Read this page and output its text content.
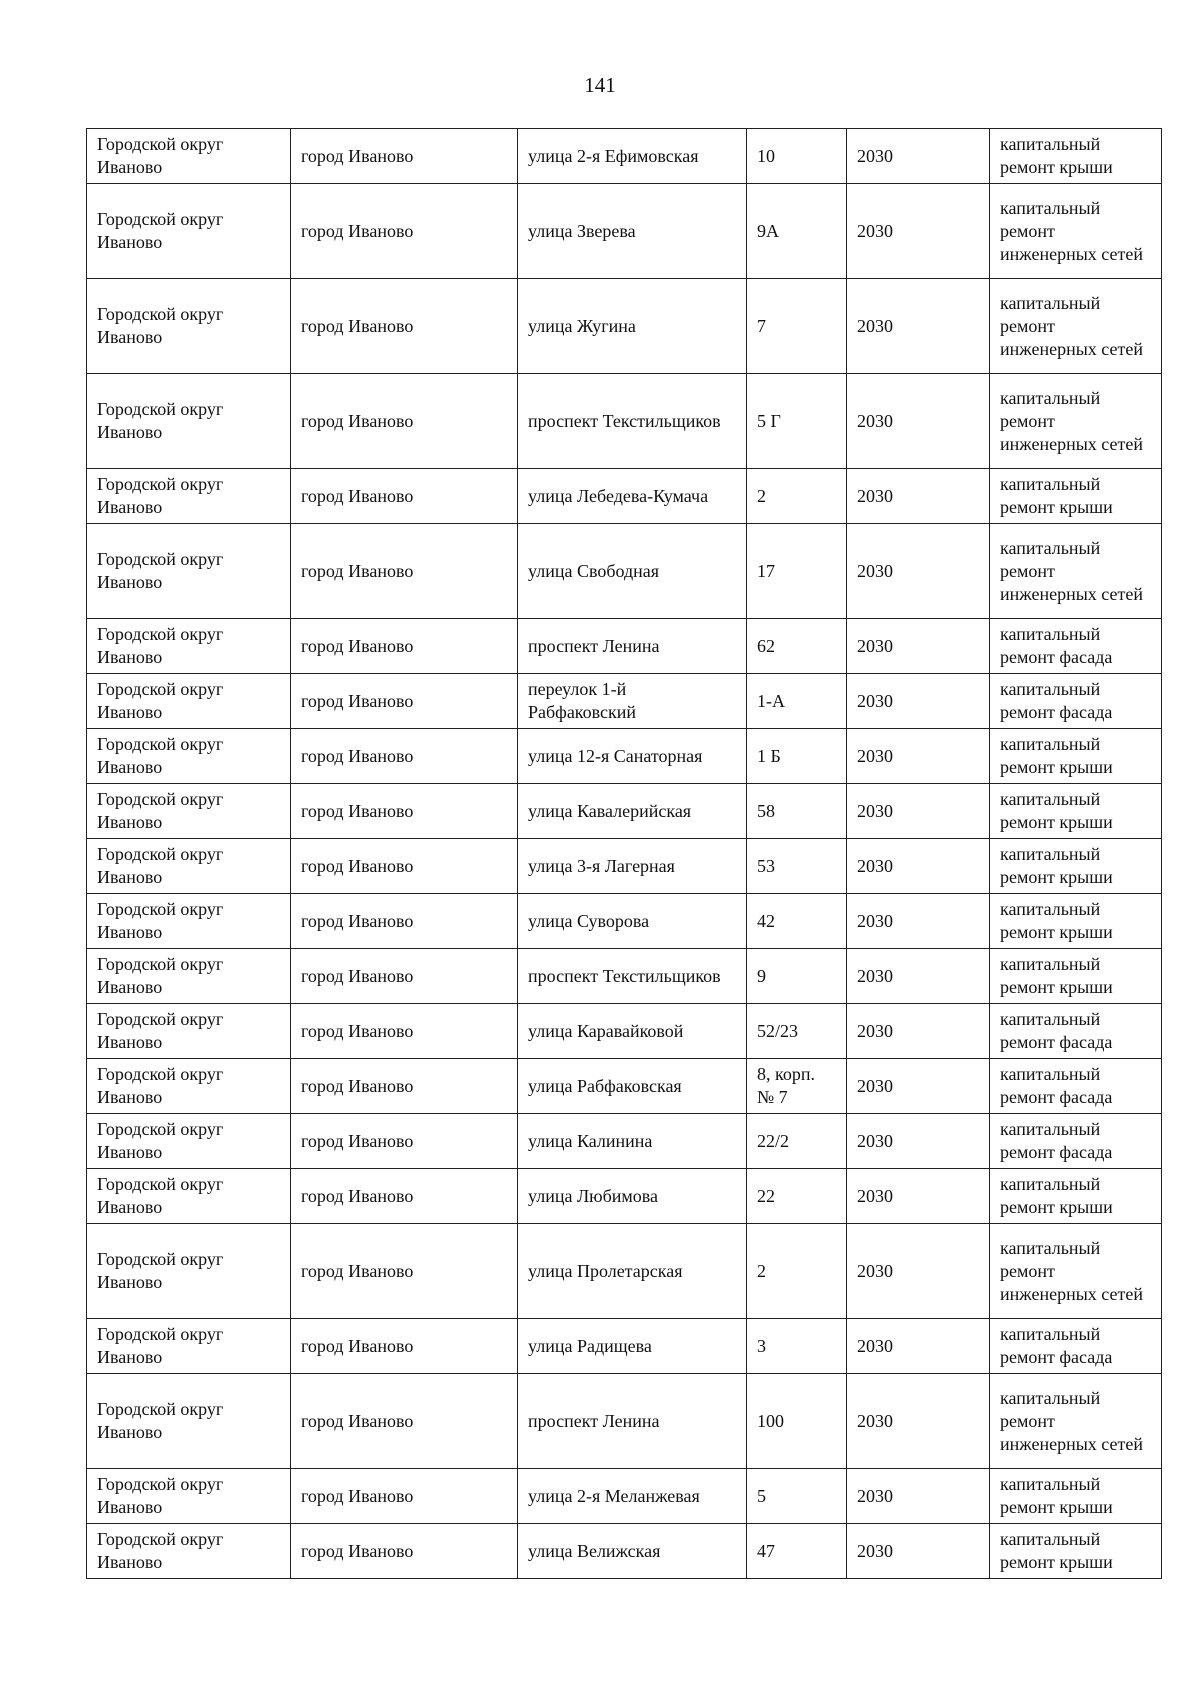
141
Городской округ Иваново	город Иваново	улица 2-я Ефимовская	10	2030	капитальный ремонт крыши
Городской округ Иваново	город Иваново	улица Зверева	9А	2030	капитальный ремонт инженерных сетей
Городской округ Иваново	город Иваново	улица Жугина	7	2030	капитальный ремонт инженерных сетей
Городской округ Иваново	город Иваново	проспект Текстильщиков	5 Г	2030	капитальный ремонт инженерных сетей
Городской округ Иваново	город Иваново	улица Лебедева-Кумача	2	2030	капитальный ремонт крыши
Городской округ Иваново	город Иваново	улица Свободная	17	2030	капитальный ремонт инженерных сетей
Городской округ Иваново	город Иваново	проспект Ленина	62	2030	капитальный ремонт фасада
Городской округ Иваново	город Иваново	переулок 1-й Рабфаковский	1-А	2030	капитальный ремонт фасада
Городской округ Иваново	город Иваново	улица 12-я Санаторная	1 Б	2030	капитальный ремонт крыши
Городской округ Иваново	город Иваново	улица Кавалерийская	58	2030	капитальный ремонт крыши
Городской округ Иваново	город Иваново	улица 3-я Лагерная	53	2030	капитальный ремонт крыши
Городской округ Иваново	город Иваново	улица Суворова	42	2030	капитальный ремонт крыши
Городской округ Иваново	город Иваново	проспект Текстильщиков	9	2030	капитальный ремонт крыши
Городской округ Иваново	город Иваново	улица Каравайковой	52/23	2030	капитальный ремонт фасада
Городской округ Иваново	город Иваново	улица Рабфаковская	8, корп. № 7	2030	капитальный ремонт фасада
Городской округ Иваново	город Иваново	улица Калинина	22/2	2030	капитальный ремонт фасада
Городской округ Иваново	город Иваново	улица Любимова	22	2030	капитальный ремонт крыши
Городской округ Иваново	город Иваново	улица Пролетарская	2	2030	капитальный ремонт инженерных сетей
Городской округ Иваново	город Иваново	улица Радищева	3	2030	капитальный ремонт фасада
Городской округ Иваново	город Иваново	проспект Ленина	100	2030	капитальный ремонт инженерных сетей
Городской округ Иваново	город Иваново	улица 2-я Меланжевая	5	2030	капитальный ремонт крыши
Городской округ Иваново	город Иваново	улица Велижская	47	2030	капитальный ремонт крыши
